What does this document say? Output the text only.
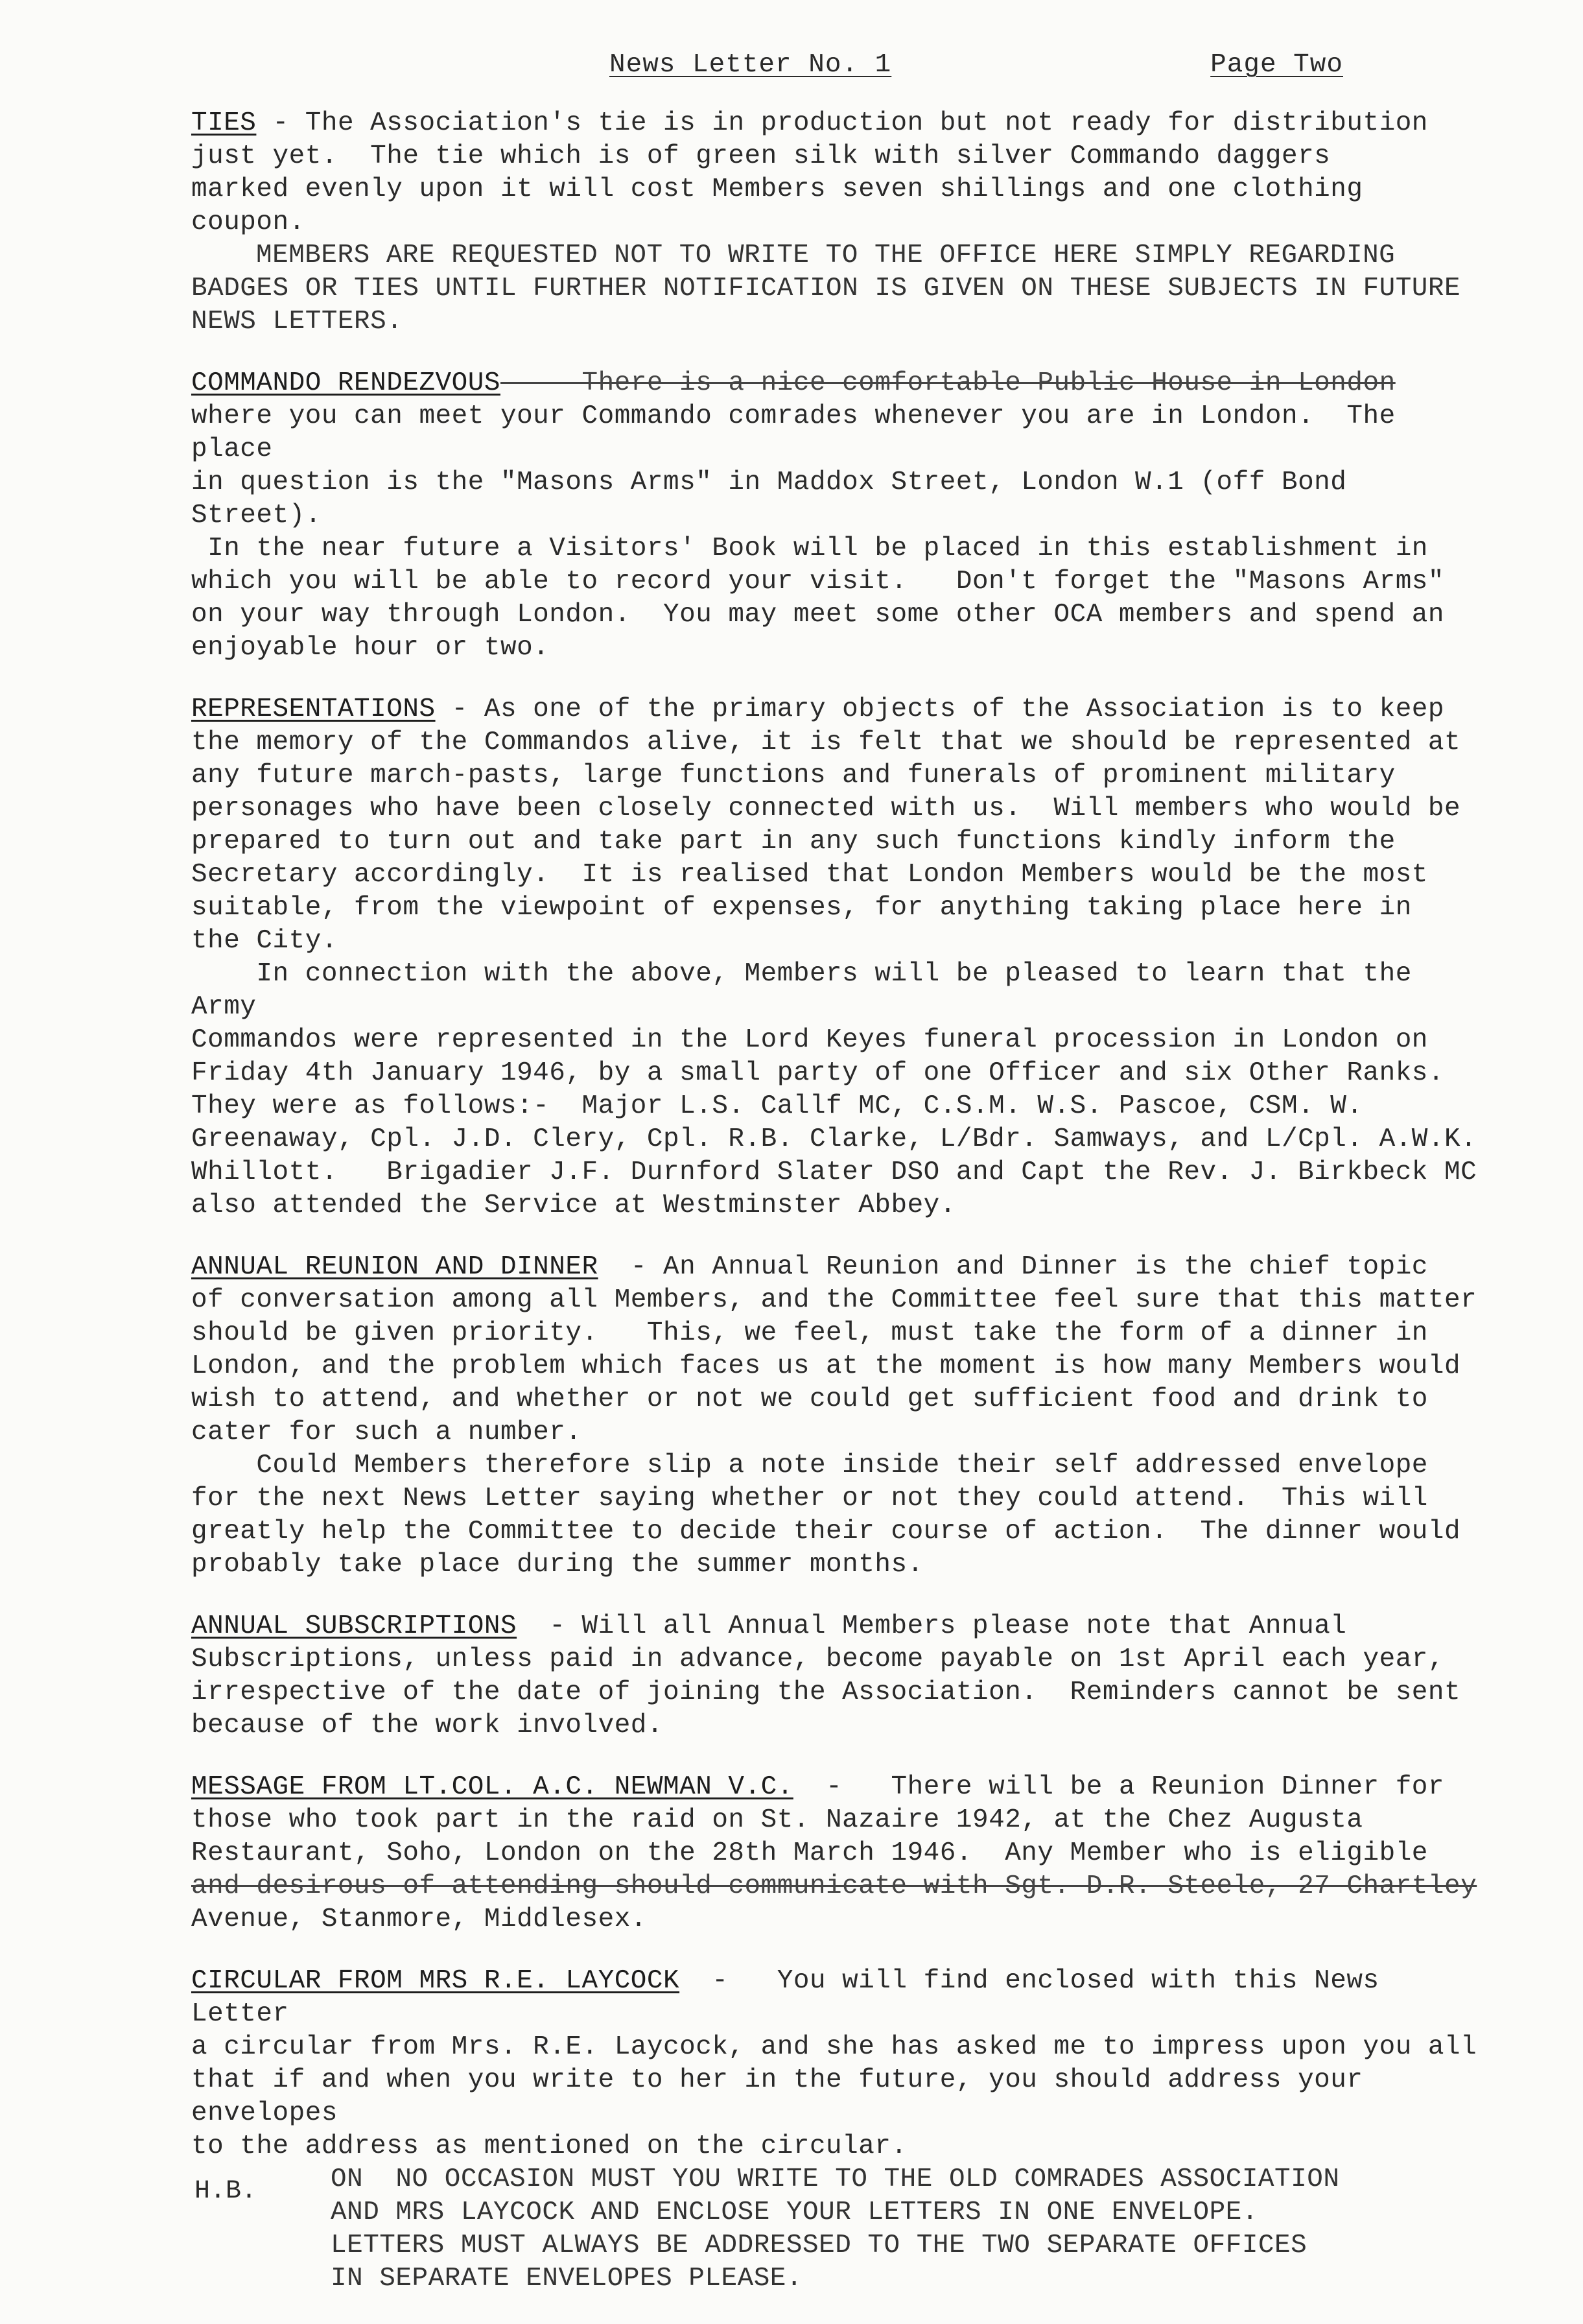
News Letter No. 1	Page Two

TIES - The Association's tie is in production but not ready for distribution

just yet.  The tie which is of green silk with silver Commando daggers

marked evenly upon it will cost Members seven shillings and one clothing coupon.

MEMBERS ARE REQUESTED NOT TO WRITE TO THE OFFICE HERE SIMPLY REGARDING

BADGES OR TIES UNTIL FURTHER NOTIFICATION IS GIVEN ON THESE SUBJECTS IN FUTURE

NEWS LETTERS.

COMMANDO RENDEZVOUS     There is a nice comfortable Public House in London

where you can meet your Commando comrades whenever you are in London.  The place

in question is the "Masons Arms" in Maddox Street, London W.1 (off Bond Street).

In the near future a Visitors' Book will be placed in this establishment in

which you will be able to record your visit.   Don't forget the "Masons Arms"

on your way through London.  You may meet some other OCA members and spend an

enjoyable hour or two.

REPRESENTATIONS - As one of the primary objects of the Association is to keep

the memory of the Commandos alive, it is felt that we should be represented at

any future march-pasts, large functions and funerals of prominent military

personages who have been closely connected with us.  Will members who would be

prepared to turn out and take part in any such functions kindly inform the

Secretary accordingly.  It is realised that London Members would be the most

suitable, from the viewpoint of expenses, for anything taking place here in

the City.

In connection with the above, Members will be pleased to learn that the Army

Commandos were represented in the Lord Keyes funeral procession in London on

Friday 4th January 1946, by a small party of one Officer and six Other Ranks.

They were as follows:-  Major L.S. Callf MC, C.S.M. W.S. Pascoe, CSM. W.

Greenaway, Cpl. J.D. Clery, Cpl. R.B. Clarke, L/Bdr. Samways, and L/Cpl. A.W.K.

Whillott.   Brigadier J.F. Durnford Slater DSO and Capt the Rev. J. Birkbeck MC

also attended the Service at Westminster Abbey.

ANNUAL REUNION AND DINNER  - An Annual Reunion and Dinner is the chief topic

of conversation among all Members, and the Committee feel sure that this matter

should be given priority.   This, we feel, must take the form of a dinner in

London, and the problem which faces us at the moment is how many Members would

wish to attend, and whether or not we could get sufficient food and drink to

cater for such a number.

Could Members therefore slip a note inside their self addressed envelope

for the next News Letter saying whether or not they could attend.  This will

greatly help the Committee to decide their course of action.  The dinner would

probably take place during the summer months.

ANNUAL SUBSCRIPTIONS  - Will all Annual Members please note that Annual

Subscriptions, unless paid in advance, become payable on 1st April each year,

irrespective of the date of joining the Association.  Reminders cannot be sent

because of the work involved.

MESSAGE FROM LT.COL. A.C. NEWMAN V.C.  -   There will be a Reunion Dinner for

those who took part in the raid on St. Nazaire 1942, at the Chez Augusta

Restaurant, Soho, London on the 28th March 1946.  Any Member who is eligible

and desirous of attending should communicate with Sgt. D.R. Steele, 27 Chartley

Avenue, Stanmore, Middlesex.

CIRCULAR FROM MRS R.E. LAYCOCK  -   You will find enclosed with this News Letter

a circular from Mrs. R.E. Laycock, and she has asked me to impress upon you all

that if and when you write to her in the future, you should address your envelopes

to the address as mentioned on the circular.

ON  NO OCCASION MUST YOU WRITE TO THE OLD COMRADES ASSOCIATION

AND MRS LAYCOCK AND ENCLOSE YOUR LETTERS IN ONE ENVELOPE.

LETTERS MUST ALWAYS BE ADDRESSED TO THE TWO SEPARATE OFFICES

IN SEPARATE ENVELOPES PLEASE.

H.B.
